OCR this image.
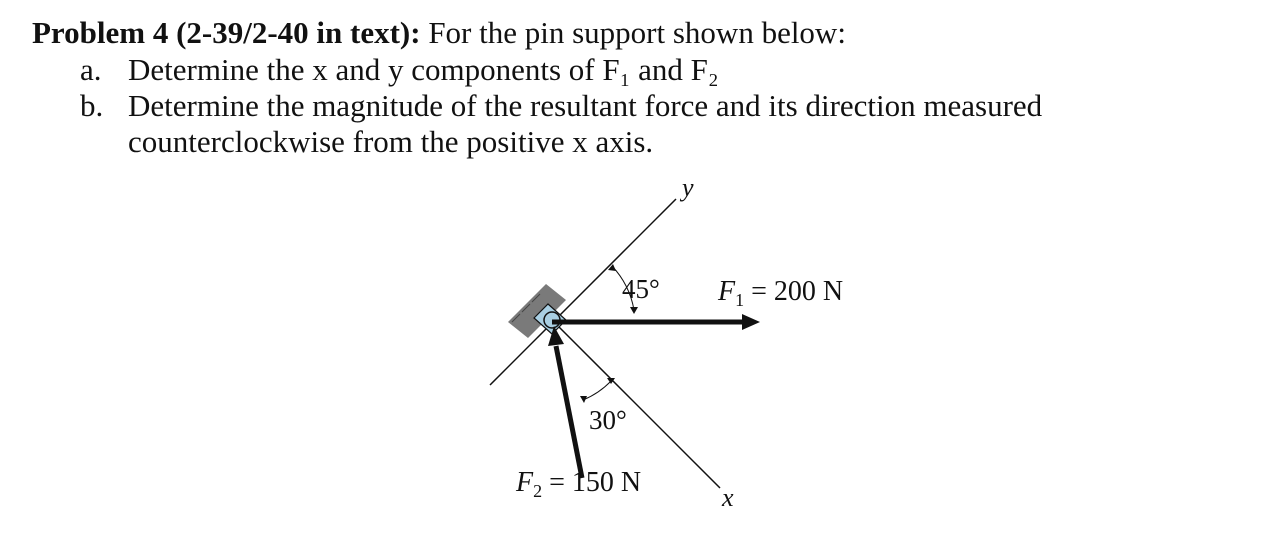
Problem 4 (2-39/2-40 in text): For the pin support shown below:
a. Determine the x and y components of F₁ and F₂
b. Determine the magnitude of the resultant force and its direction measured
counterclockwise from the positive x axis.
y
x
45°
30°
$F_1 = 200$ N
$F_2 = 150$ N
